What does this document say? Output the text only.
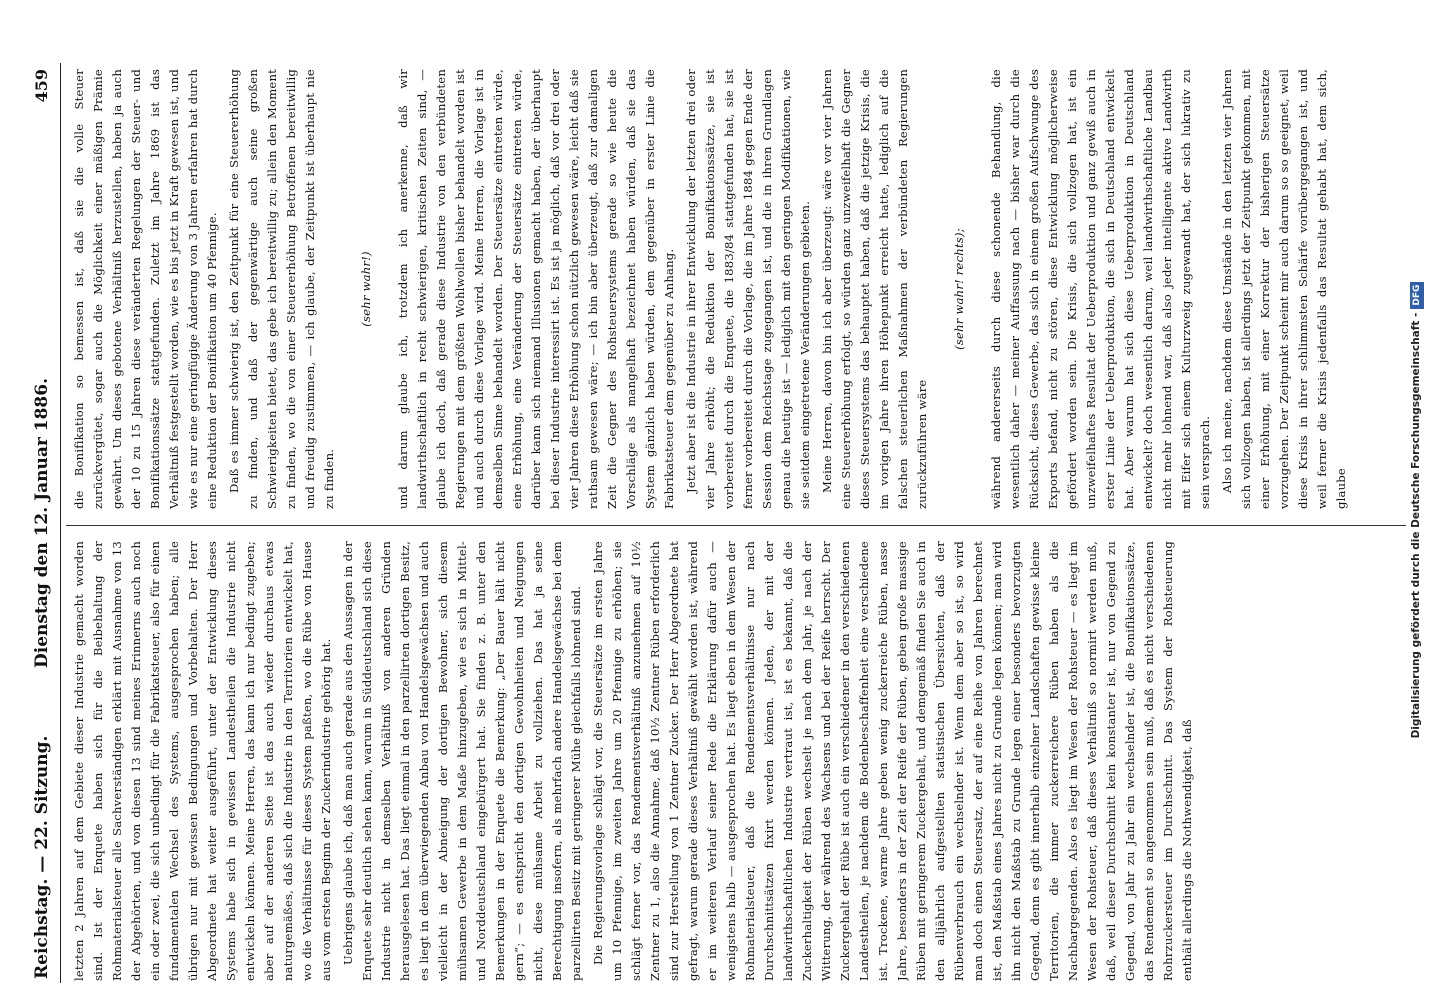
Reichstag. — 22. Sitzung.
Dienstag den 12. Januar 1886.
459

letzten 2 Jahren auf dem Gebiete dieser Industrie gemacht worden sind. Ist der Enquete haben sich für die Beibehaltung der Rohmaterialsteuer alle Sachverständigen erklärt mit Ausnahme von 13 der Abgehörten, und von diesen 13 sind meines Erinnerns auch noch ein oder zwei, die sich unbedingt für die Fabrikatsteuer, also für einen fundamentalen Wechsel des Systems, ausgesprochen haben; alle übrigen nur mit gewissen Bedingungen und Vorbehalten. Der Herr Abgeordnete hat weiter ausgeführt, unter der Entwicklung dieses Systems habe sich in gewissen Landestheilen die Industrie nicht entwickeln können. Meine Herren, das kann ich nur bedingt zugeben; aber auf der anderen Seite ist das auch wieder durchaus etwas naturgemäßes, daß sich die Industrie in den Territorien entwickelt hat, wo die Verhältnisse für dieses System paßten, wo die Rübe von Hause aus vom ersten Beginn der Zuckerindustrie gehörig hat. Uebrigens glaube ich, daß man auch gerade aus den Aussagen in der Enquete sehr deutlich sehen kann, warum in Süddeutschland sich diese Industrie nicht in demselben Verhältniß von anderen Gründen herausgelesen hat. Das liegt einmal in den parzellirten dortigen Besitz, es liegt in dem überwiegenden Anbau von Handelsgewächsen und auch vielleicht in der Abneigung der dortigen Bewohner, sich diesem mühsamen Gewerbe in dem Maße hinzugeben, wie es sich in Mittel- und Norddeutschland eingebürgert hat. Sie finden z. B. unter den Bemerkungen in der Enquete die Bemerkung: „Der Bauer hält nicht gern“; — es entspricht den dortigen Gewohnheiten und Neigungen nicht, diese mühsame Arbeit zu vollziehen. Das hat ja seine Berechtigung insofern, als mehrfach andere Handelsgewächse bei dem parzellirten Besitz mit geringerer Mühe gleichfalls lohnend sind. Die Regierungsvorlage schlägt vor, die Steuersätze im ersten Jahre um 10 Pfennige, im zweiten Jahre um 20 Pfennige zu erhöhen; sie schlägt ferner vor, das Rendementsverhältniß anzunehmen auf 10½ Zentner zu 1, also die Annahme, daß 10½ Zentner Rüben erforderlich sind zur Herstellung von 1 Zentner Zucker. Der Herr Abgeordnete hat gefragt, warum gerade dieses Verhältniß gewählt worden ist, während er im weiteren Verlauf seiner Rede die Erklärung dafür auch — wenigstens halb — ausgesprochen hat. Es liegt eben in dem Wesen der Rohmaterialsteuer, daß die Rendementsverhältnisse nur nach Durchschnittsätzen fixirt werden können. Jeden, der mit der landwirthschaftlichen Industrie vertraut ist, ist es bekannt, daß die Zuckerhaltigkeit der Rüben wechselt je nach dem Jahr, je nach der Witterung, der während des Wachsens und bei der Reife herrscht. Der Zuckergehalt der Rübe ist auch ein verschiedener in den verschiedenen Landestheilen, je nachdem die Bodenbeschaffenheit eine verschiedene ist. Trockene, warme Jahre geben wenig zuckerreiche Rüben, nasse Jahre, besonders in der Zeit der Reife der Rüben, geben große massige Rüben mit geringerem Zuckergehalt, und demgemäß finden Sie auch in den alljährlich aufgestellten statistischen Übersichten, daß der Rübenverbrauch ein wechselnder ist. Wenn dem aber so ist, so wird man doch einen Steuersatz, der auf eine Reihe von Jahren berechnet ist, den Maßstab eines Jahres nicht zu Grunde legen können; man wird ihn nicht den Maßstab zu Grunde legen einer besonders bevorzugten Gegend, denn es gibt innerhalb einzelner Landschaften gewisse kleine Territorien, die immer zuckerreichere Rüben haben als die Nachbargegenden. Also es liegt im Wesen der Rohsteuer — es liegt im Wesen der Rohsteuer, daß dieses Verhältniß so normirt werden muß, daß, weil dieser Durchschnitt kein konstanter ist, nur von Gegend zu Gegend, von Jahr zu Jahr ein wechselnder ist, die Bonifikationssätze, das Rendement so angenommen sein muß, daß es nicht verschiedenen Rohrzuckersteuer im Durchschnitt. Das System der Rohsteuerung enthält allerdings die Nothwendigkeit, daß

die Bonifikation so bemessen ist, daß sie die volle Steuer zurückvergütet, sogar auch die Möglichkeit einer mäßigen Prämie gewährt. Um dieses gebotene Verhältniß herzustellen, haben ja auch der 10 zu 15 Jahren diese veränderten Regelungen der Steuer- und Bonifikationssätze stattgefunden. Zuletzt im Jahre 1869 ist das Verhältniß festgestellt worden, wie es bis jetzt in Kraft gewesen ist, und wie es nur eine geringfügige Änderung von 3 Jahren erfahren hat durch eine Reduktion der Bonifikation um 40 Pfennige. Daß es immer schwierig ist, den Zeitpunkt für eine Steuererhöhung zu finden, und daß der gegenwärtige auch seine großen Schwierigkeiten bietet, das gebe ich bereitwillig zu; allein den Moment zu finden, wo die von einer Steuererhöhung Betroffenen bereitwillig und freudig zustimmen, — ich glaube, der Zeitpunkt ist überhaupt nie zu finden.

(sehr wahr!) und darum glaube ich, trotzdem ich anerkenne, daß wir landwirthschaftlich in recht schwierigen, kritischen Zeiten sind, — glaube ich doch, daß gerade diese Industrie von den verbündeten Regierungen mit dem größten Wohlwollen bisher behandelt worden ist und auch durch diese Vorlage wird. Meine Herren, die Vorlage ist in demselben Sinne behandelt worden. Der Steuersätze eintreten würde, eine Erhöhung, eine Veränderung der Steuersätze eintreten würde, darüber kann sich niemand Illusionen gemacht haben, der überhaupt bei dieser Industrie interessirt ist. Es ist ja möglich, daß vor drei oder vier Jahren diese Erhöhung schon nützlich gewesen wäre, leicht daß sie rathsam gewesen wäre; — ich bin aber überzeugt, daß zur damaligen Zeit die Gegner des Rohsteuersystems gerade so wie heute die Vorschläge als mangelhaft bezeichnet haben würden, daß sie das System gänzlich haben würden, dem gegenüber in erster Linie die Fabrikatsteuer dem gegenüber zu Anhang. Jetzt aber ist die Industrie in ihrer Entwicklung der letzten drei oder vier Jahre erhöht; die Reduktion der Bonifikationssätze, sie ist vorbereitet durch die Enquete, die 1883/84 stattgefunden hat, sie ist ferner vorbereitet durch die Vorlage, die im Jahre 1884 gegen Ende der Session dem Reichstage zugegangen ist, und die in ihren Grundlagen genau die heutige ist — lediglich mit den geringen Modifikationen, wie sie seitdem eingetretene Veränderungen gebieten. Meine Herren, davon bin ich aber überzeugt: wäre vor vier Jahren eine Steuererhöhung erfolgt, so würden ganz unzweifelhaft die Gegner dieses Steuersystems das behauptet haben, daß die jetzige Krisis, die im vorigen Jahre ihren Höhepunkt erreicht hatte, lediglich auf die falschen steuerlichen Maßnahmen der verbündeten Regierungen zurückzuführen wäre

(sehr wahr! rechts); während andererseits durch diese schonende Behandlung, die wesentlich daher — meiner Auffassung nach — bisher war durch die Rücksicht, dieses Gewerbe, das sich in einem großen Aufschwunge des Exports befand, nicht zu stören, diese Entwicklung möglicherweise gefördert worden sein. Die Krisis, die sich vollzogen hat, ist ein unzweifelhaftes Resultat der Ueberproduktion und ganz gewiß auch in erster Linie der Ueberproduktion, die sich in Deutschland entwickelt hat. Aber warum hat sich diese Ueberproduktion in Deutschland entwickelt? doch wesentlich darum, weil landwirthschaftliche Landbau nicht mehr lohnend war, daß also jeder intelligente aktive Landwirth mit Eifer sich einem Kulturzweig zugewandt hat, der sich lukrativ zu sein versprach. Also ich meine, nachdem diese Umstände in den letzten vier Jahren sich vollzogen haben, ist allerdings jetzt der Zeitpunkt gekommen, mit einer Erhöhung, mit einer Korrektur der bisherigen Steuersätze vorzugehen. Der Zeitpunkt scheint mir auch darum so so geeignet, weil diese Krisis in ihrer schlimmsten Schärfe vorübergegangen ist, und weil ferner die Krisis jedenfalls das Resultat gehabt hat, dem sich, glaube	Digitalisierung gefördert durch die Deutsche Forschungsgemeinschaft -DFG
